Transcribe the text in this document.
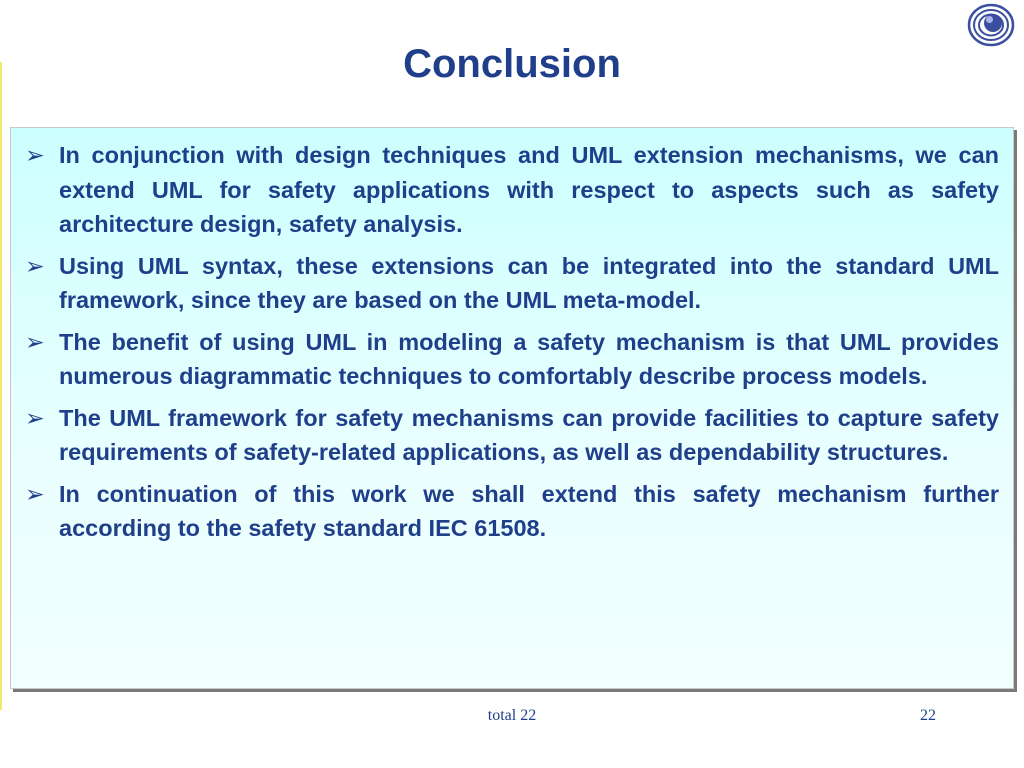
Conclusion
➢ In conjunction with design techniques and UML extension mechanisms, we can extend UML for safety applications with respect to aspects such as safety architecture design, safety analysis.
➢ Using UML syntax, these extensions can be integrated into the standard UML framework, since they are based on the UML meta-model.
➢ The benefit of using UML in modeling a safety mechanism is that UML provides numerous diagrammatic techniques to comfortably describe process models.
➢ The UML framework for safety mechanisms can provide facilities to capture safety requirements of safety-related applications, as well as dependability structures.
➢ In continuation of this work we shall extend this safety mechanism further according to the safety standard IEC 61508.
total 22	22
